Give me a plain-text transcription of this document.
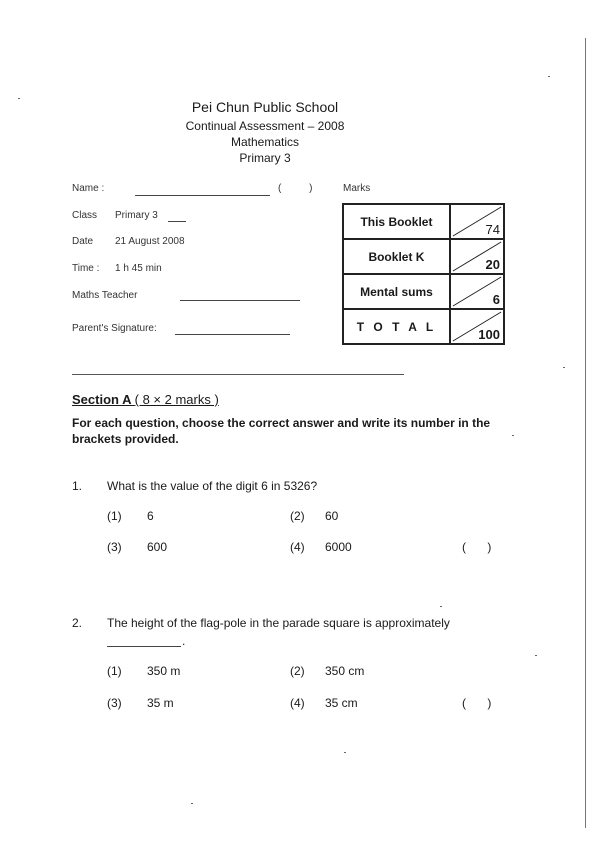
Pei Chun Public School
Continual Assessment – 2008
Mathematics
Primary 3
Name :	(          )	Marks
Class Primary 3
Date 21 August 2008
Time : 1 h 45 min
Maths Teacher
Parent's Signature:
This Booklet	74

Booklet K	20

Mental sums	6

T O T A L	100
Section A ( 8 × 2 marks )
For each question, choose the correct answer and write its number in the brackets provided.
1. What is the value of the digit 6 in 5326?
(1) 6	(2) 60
(3) 600	(4) 6000	( )
2. The height of the flag-pole in the parade square is approximately
.
(1) 350 m	(2) 350 cm
(3) 35 m	(4) 35 cm	( )
